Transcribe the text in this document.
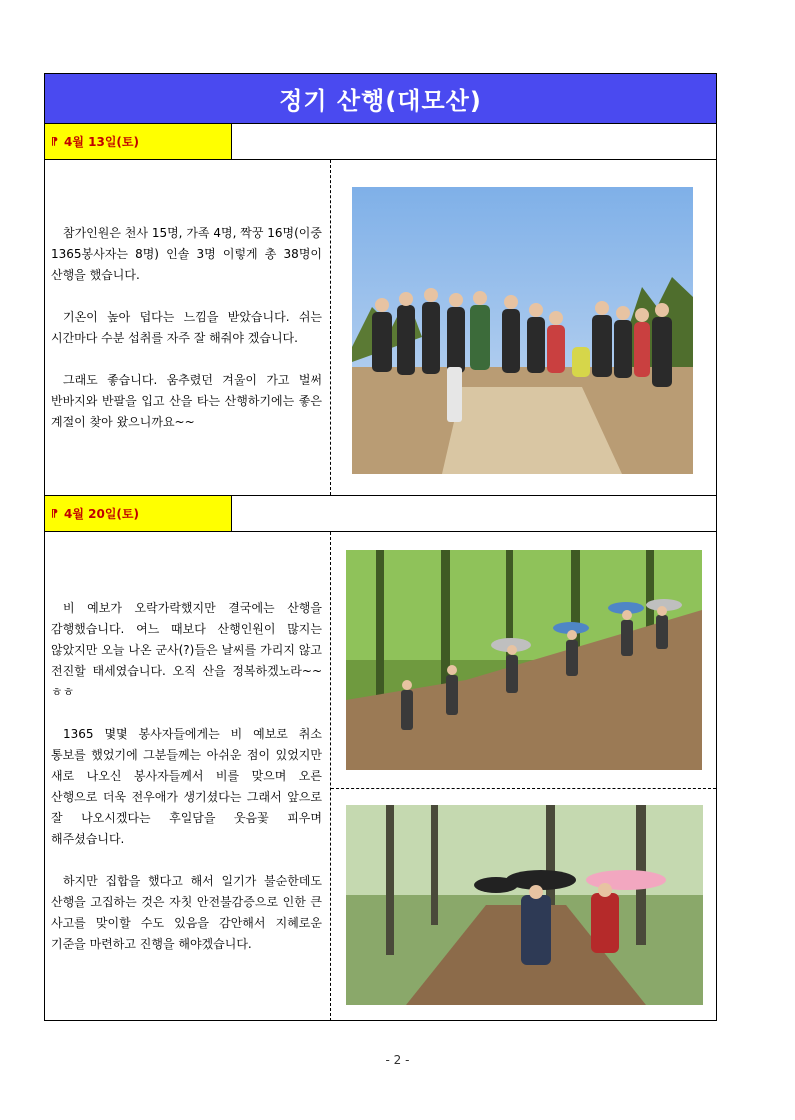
정기 산행(대모산)
⁋ 4월 13일(토)

참가인원은 천사 15명, 가족 4명, 짝꿍 16명(이중 1365봉사자는 8명) 인솔 3명 이렇게 총 38명이 산행을 했습니다.

기온이 높아 덥다는 느낌을 받았습니다. 쉬는 시간마다 수분 섭취를 자주 잘 해줘야 겠습니다.

그래도 좋습니다. 움추렸던 겨울이 가고 벌써 반바지와 반팔을 입고 산을 타는 산행하기에는 좋은 계절이 찾아 왔으니까요~~

⁋ 4월 20일(토)

비 예보가 오락가락했지만 결국에는 산행을 감행했습니다. 여느 때보다 산행인원이 많지는 않았지만 오늘 나온 군사(?)들은 날씨를 가리지 않고 전진할 태세였습니다. 오직 산을 정복하겠노라~~ㅎㅎ

1365 몇몇 봉사자들에게는 비 예보로 취소 통보를 했었기에 그분들께는 아쉬운 점이 있었지만 새로 나오신 봉사자들께서 비를 맞으며 오른 산행으로 더욱 전우애가 생기셨다는 그래서 앞으로 잘 나오시겠다는 후일담을 웃음꽃 피우며 해주셨습니다.

하지만 집합을 했다고 해서 일기가 불순한데도 산행을 고집하는 것은 자칫 안전불감증으로 인한 큰 사고를 맞이할 수도 있음을 감안해서 지혜로운 기준을 마련하고 진행을 해야겠습니다.

- 2 -
